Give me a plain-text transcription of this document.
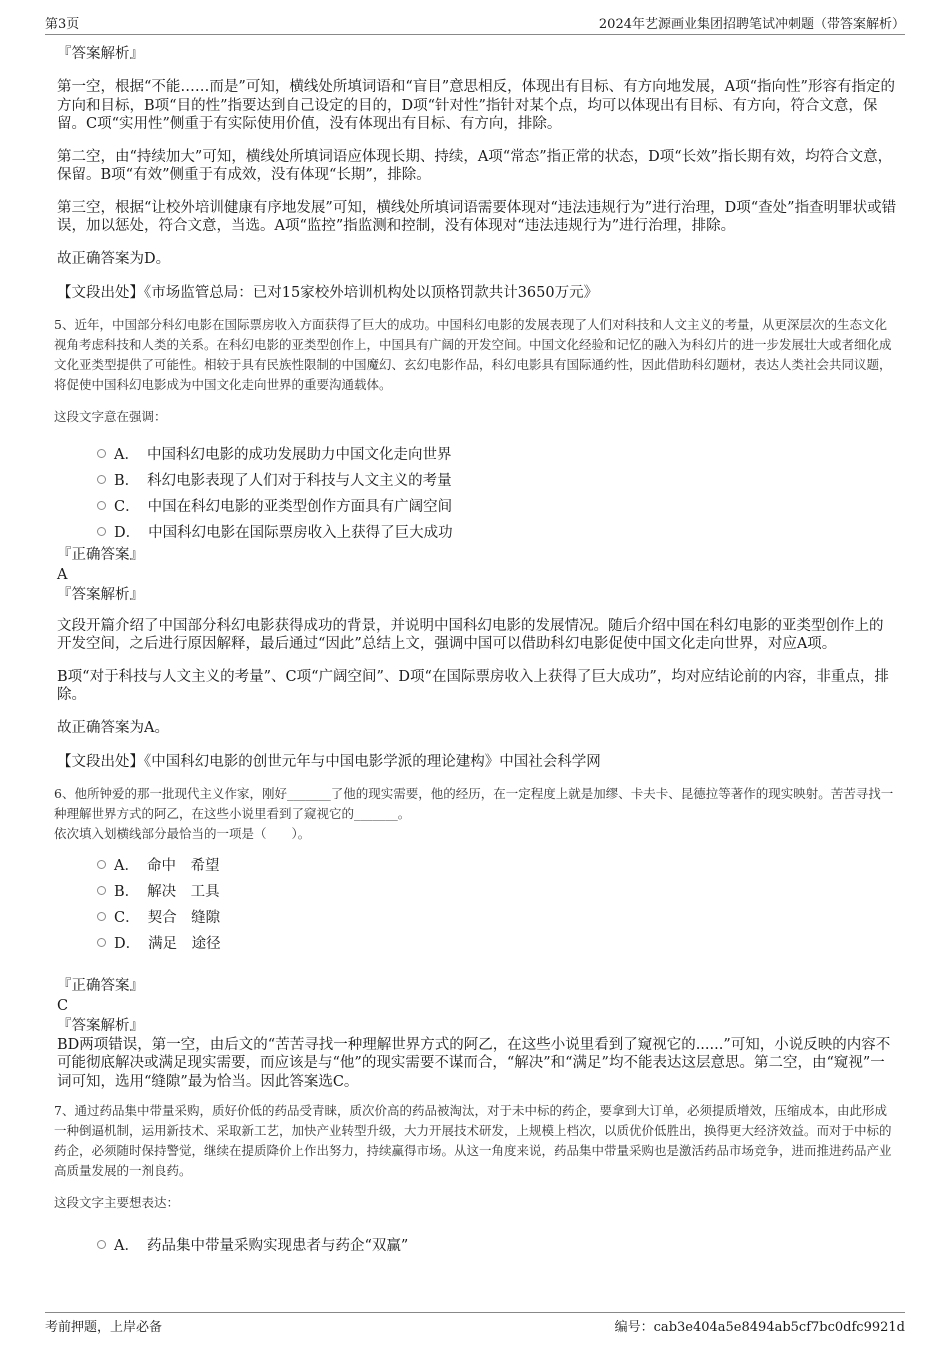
第3页	2024年艺源画业集团招聘笔试冲刺题（带答案解析）

『答案解析』

第一空，根据“不能……而是”可知，横线处所填词语和“盲目”意思相反，体现出有目标、有方向地发展，A项“指向性”形容有指定的方向和目标，B项“目的性”指要达到自己设定的目的，D项“针对性”指针对某个点，均可以体现出有目标、有方向，符合文意，保留。C项“实用性”侧重于有实际使用价值，没有体现出有目标、有方向，排除。

第二空，由“持续加大”可知，横线处所填词语应体现长期、持续，A项“常态”指正常的状态，D项“长效”指长期有效，均符合文意，保留。B项“有效”侧重于有成效，没有体现“长期”，排除。

第三空，根据“让校外培训健康有序地发展”可知，横线处所填词语需要体现对“违法违规行为”进行治理，D项“查处”指查明罪状或错误，加以惩处，符合文意，当选。A项“监控”指监测和控制，没有体现对“违法违规行为”进行治理，排除。

故正确答案为D。

【文段出处】《市场监管总局：已对15家校外培训机构处以顶格罚款共计3650万元》

5、近年，中国部分科幻电影在国际票房收入方面获得了巨大的成功。中国科幻电影的发展表现了人们对科技和人文主义的考量，从更深层次的生态文化视角考虑科技和人类的关系。在科幻电影的亚类型创作上，中国具有广阔的开发空间。中国文化经验和记忆的融入为科幻片的进一步发展壮大或者细化成文化亚类型提供了可能性。相较于具有民族性限制的中国魔幻、玄幻电影作品，科幻电影具有国际通约性，因此借助科幻题材，表达人类社会共同议题，将促使中国科幻电影成为中国文化走向世界的重要沟通载体。

这段文字意在强调：

A． 中国科幻电影的成功发展助力中国文化走向世界
B． 科幻电影表现了人们对于科技与人文主义的考量
C． 中国在科幻电影的亚类型创作方面具有广阔空间
D． 中国科幻电影在国际票房收入上获得了巨大成功

『正确答案』

A

『答案解析』

文段开篇介绍了中国部分科幻电影获得成功的背景，并说明中国科幻电影的发展情况。随后介绍中国在科幻电影的亚类型创作上的开发空间，之后进行原因解释，最后通过“因此”总结上文，强调中国可以借助科幻电影促使中国文化走向世界，对应A项。

B项“对于科技与人文主义的考量”、C项“广阔空间”、D项“在国际票房收入上获得了巨大成功”，均对应结论前的内容，非重点，排除。

故正确答案为A。

【文段出处】《中国科幻电影的创世元年与中国电影学派的理论建构》中国社会科学网

6、他所钟爱的那一批现代主义作家，刚好_______了他的现实需要，他的经历，在一定程度上就是加缪、卡夫卡、昆德拉等著作的现实映射。苦苦寻找一种理解世界方式的阿乙，在这些小说里看到了窥视它的_______。

依次填入划横线部分最恰当的一项是（　　）。

A． 命中　希望
B． 解决　工具
C． 契合　缝隙
D． 满足　途径

『正确答案』

C

『答案解析』

BD两项错误，第一空，由后文的“苦苦寻找一种理解世界方式的阿乙，在这些小说里看到了窥视它的......”可知，小说反映的内容不可能彻底解决或满足现实需要，而应该是与“他”的现实需要不谋而合，“解决”和“满足”均不能表达这层意思。第二空，由“窥视”一词可知，选用“缝隙”最为恰当。因此答案选C。

7、通过药品集中带量采购，质好价低的药品受青睐，质次价高的药品被淘汰，对于未中标的药企，要拿到大订单，必须提质增效，压缩成本，由此形成一种倒逼机制，运用新技术、采取新工艺，加快产业转型升级，大力开展技术研发，上规模上档次，以质优价低胜出，换得更大经济效益。而对于中标的药企，必须随时保持警觉，继续在提质降价上作出努力，持续赢得市场。从这一角度来说，药品集中带量采购也是激活药品市场竞争，进而推进药品产业高质量发展的一剂良药。

这段文字主要想表达：

A． 药品集中带量采购实现患者与药企“双赢”
考前押题，上岸必备	编号：cab3e404a5e8494ab5cf7bc0dfc9921d
